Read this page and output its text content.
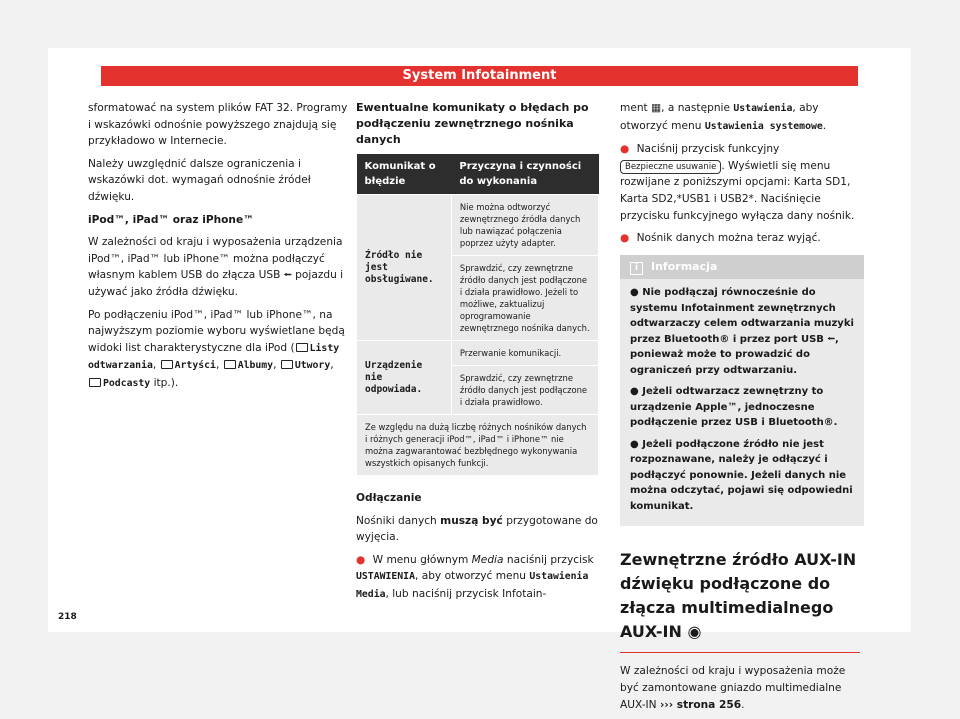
System Infotainment

sformatować na system plików FAT 32. Programy i wskazówki odnośnie powyższego znajdują się przykładowo w Internecie.

Należy uwzględnić dalsze ograniczenia i wskazówki dot. wymagań odnośnie źródeł dźwięku.

iPod™, iPad™ oraz iPhone™

W zależności od kraju i wyposażenia urządzenia iPod™, iPad™ lub iPhone™ można podłączyć własnym kablem USB do złącza USB ⭪ pojazdu i używać jako źródła dźwięku.

Po podłączeniu iPod™, iPad™ lub iPhone™, na najwyższym poziomie wyboru wyświetlane będą widoki list charakterystyczne dla iPod ( Listy odtwarzania, Artyści, Albumy, Utwory, Podcasty itp.).

Ewentualne komunikaty o błędach po podłączeniu zewnętrznego nośnika danych

Komunikat o błędzie	Przyczyna i czynności do wykonania
Źródło nie jest obsługiwane.	Nie można odtworzyć zewnętrznego źródła danych lub nawiązać połączenia poprzez użyty adapter.
	Sprawdzić, czy zewnętrzne źródło danych jest podłączone i działa prawidłowo. Jeżeli to możliwe, zaktualizuj oprogramowanie zewnętrznego nośnika danych.
Urządzenie nie odpowiada.	Przerwanie komunikacji.
	Sprawdzić, czy zewnętrzne źródło danych jest podłączone i działa prawidłowo.
Ze względu na dużą liczbę różnych nośników danych i różnych generacji iPod™, iPad™ i iPhone™ nie można zagwarantować bezbłędnego wykonywania wszystkich opisanych funkcji.	

Odłączanie

Nośniki danych muszą być przygotowane do wyjęcia.

● W menu głównym Media naciśnij przycisk USTAWIENIA, aby otworzyć menu Ustawienia Media, lub naciśnij przycisk Infotain-

ment ▦, a następnie Ustawienia, aby otworzyć menu Ustawienia systemowe.

● Naciśnij przycisk funkcyjny Bezpieczne usuwanie . Wyświetli się menu rozwijane z poniższymi opcjami: Karta SD1, Karta SD2,*USB1 i USB2*. Naciśnięcie przycisku funkcyjnego wyłącza dany nośnik.

● Nośnik danych można teraz wyjąć.

i Informacja

● Nie podłączaj równocześnie do systemu Infotainment zewnętrznych odtwarzaczy celem odtwarzania muzyki przez Bluetooth® i przez port USB ⭪, ponieważ może to prowadzić do ograniczeń przy odtwarzaniu.

● Jeżeli odtwarzacz zewnętrzny to urządzenie Apple™, jednoczesne podłączenie przez USB i Bluetooth®.

● Jeżeli podłączone źródło nie jest rozpoznawane, należy je odłączyć i podłączyć ponownie. Jeżeli danych nie można odczytać, pojawi się odpowiedni komunikat.

Zewnętrzne źródło AUX-IN dźwięku podłączone do złącza multimedialnego AUX-IN ◉

W zależności od kraju i wyposażenia może być zamontowane gniazdo multimedialne AUX-IN ››› strona 256.

218
